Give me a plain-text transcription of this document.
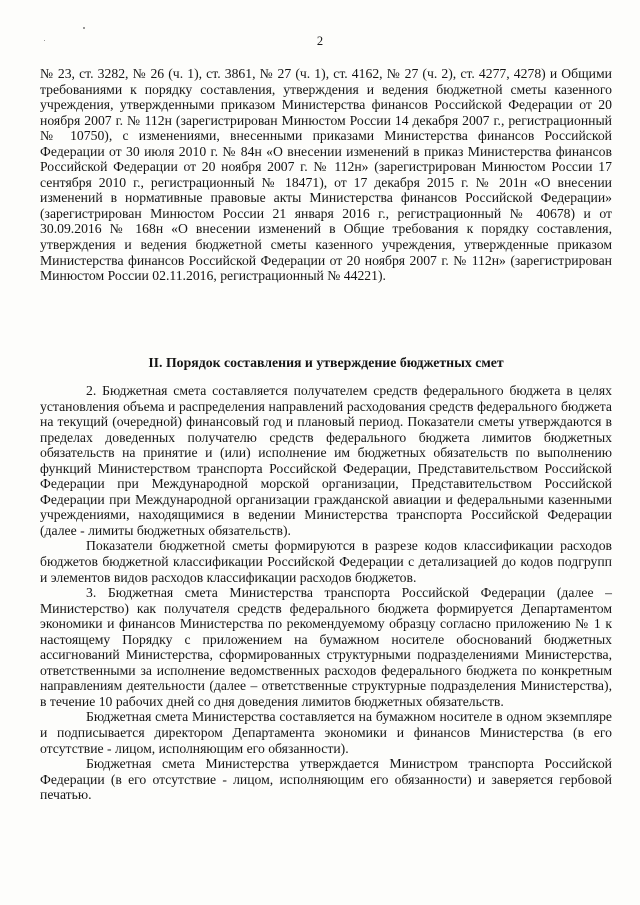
2

№ 23, ст. 3282, № 26 (ч. 1), ст. 3861, № 27 (ч. 1), ст. 4162, № 27 (ч. 2), ст. 4277, 4278) и Общими требованиями к порядку составления, утверждения и ведения бюджетной сметы казенного учреждения, утвержденными приказом Министерства финансов Российской Федерации от 20 ноября 2007 г. № 112н (зарегистрирован Минюстом России 14 декабря 2007 г., регистрационный № 10750), с изменениями, внесенными приказами Министерства финансов Российской Федерации от 30 июля 2010 г. № 84н «О внесении изменений в приказ Министерства финансов Российской Федерации от 20 ноября 2007 г. № 112н» (зарегистрирован Минюстом России 17 сентября 2010 г., регистрационный № 18471), от 17 декабря 2015 г. № 201н «О внесении изменений в нормативные правовые акты Министерства финансов Российской Федерации» (зарегистрирован Минюстом России 21 января 2016 г., регистрационный № 40678) и от 30.09.2016 № 168н «О внесении изменений в Общие требования к порядку составления, утверждения и ведения бюджетной сметы казенного учреждения, утвержденные приказом Министерства финансов Российской Федерации от 20 ноября 2007 г. № 112н» (зарегистрирован Минюстом России 02.11.2016, регистрационный № 44221).

II. Порядок составления и утверждение бюджетных смет

2. Бюджетная смета составляется получателем средств федерального бюджета в целях установления объема и распределения направлений расходования средств федерального бюджета на текущий (очередной) финансовый год и плановый период. Показатели сметы утверждаются в пределах доведенных получателю средств федерального бюджета лимитов бюджетных обязательств на принятие и (или) исполнение им бюджетных обязательств по выполнению функций Министерством транспорта Российской Федерации, Представительством Российской Федерации при Международной морской организации, Представительством Российской Федерации при Международной организации гражданской авиации и федеральными казенными учреждениями, находящимися в ведении Министерства транспорта Российской Федерации (далее - лимиты бюджетных обязательств).

Показатели бюджетной сметы формируются в разрезе кодов классификации расходов бюджетов бюджетной классификации Российской Федерации с детализацией до кодов подгрупп и элементов видов расходов классификации расходов бюджетов.

3. Бюджетная смета Министерства транспорта Российской Федерации (далее – Министерство) как получателя средств федерального бюджета формируется Департаментом экономики и финансов Министерства по рекомендуемому образцу согласно приложению № 1 к настоящему Порядку с приложением на бумажном носителе обоснований бюджетных ассигнований Министерства, сформированных структурными подразделениями Министерства, ответственными за исполнение ведомственных расходов федерального бюджета по конкретным направлениям деятельности (далее – ответственные структурные подразделения Министерства), в течение 10 рабочих дней со дня доведения лимитов бюджетных обязательств.

Бюджетная смета Министерства составляется на бумажном носителе в одном экземпляре и подписывается директором Департамента экономики и финансов Министерства (в его отсутствие - лицом, исполняющим его обязанности).

Бюджетная смета Министерства утверждается Министром транспорта Российской Федерации (в его отсутствие - лицом, исполняющим его обязанности) и заверяется гербовой печатью.
